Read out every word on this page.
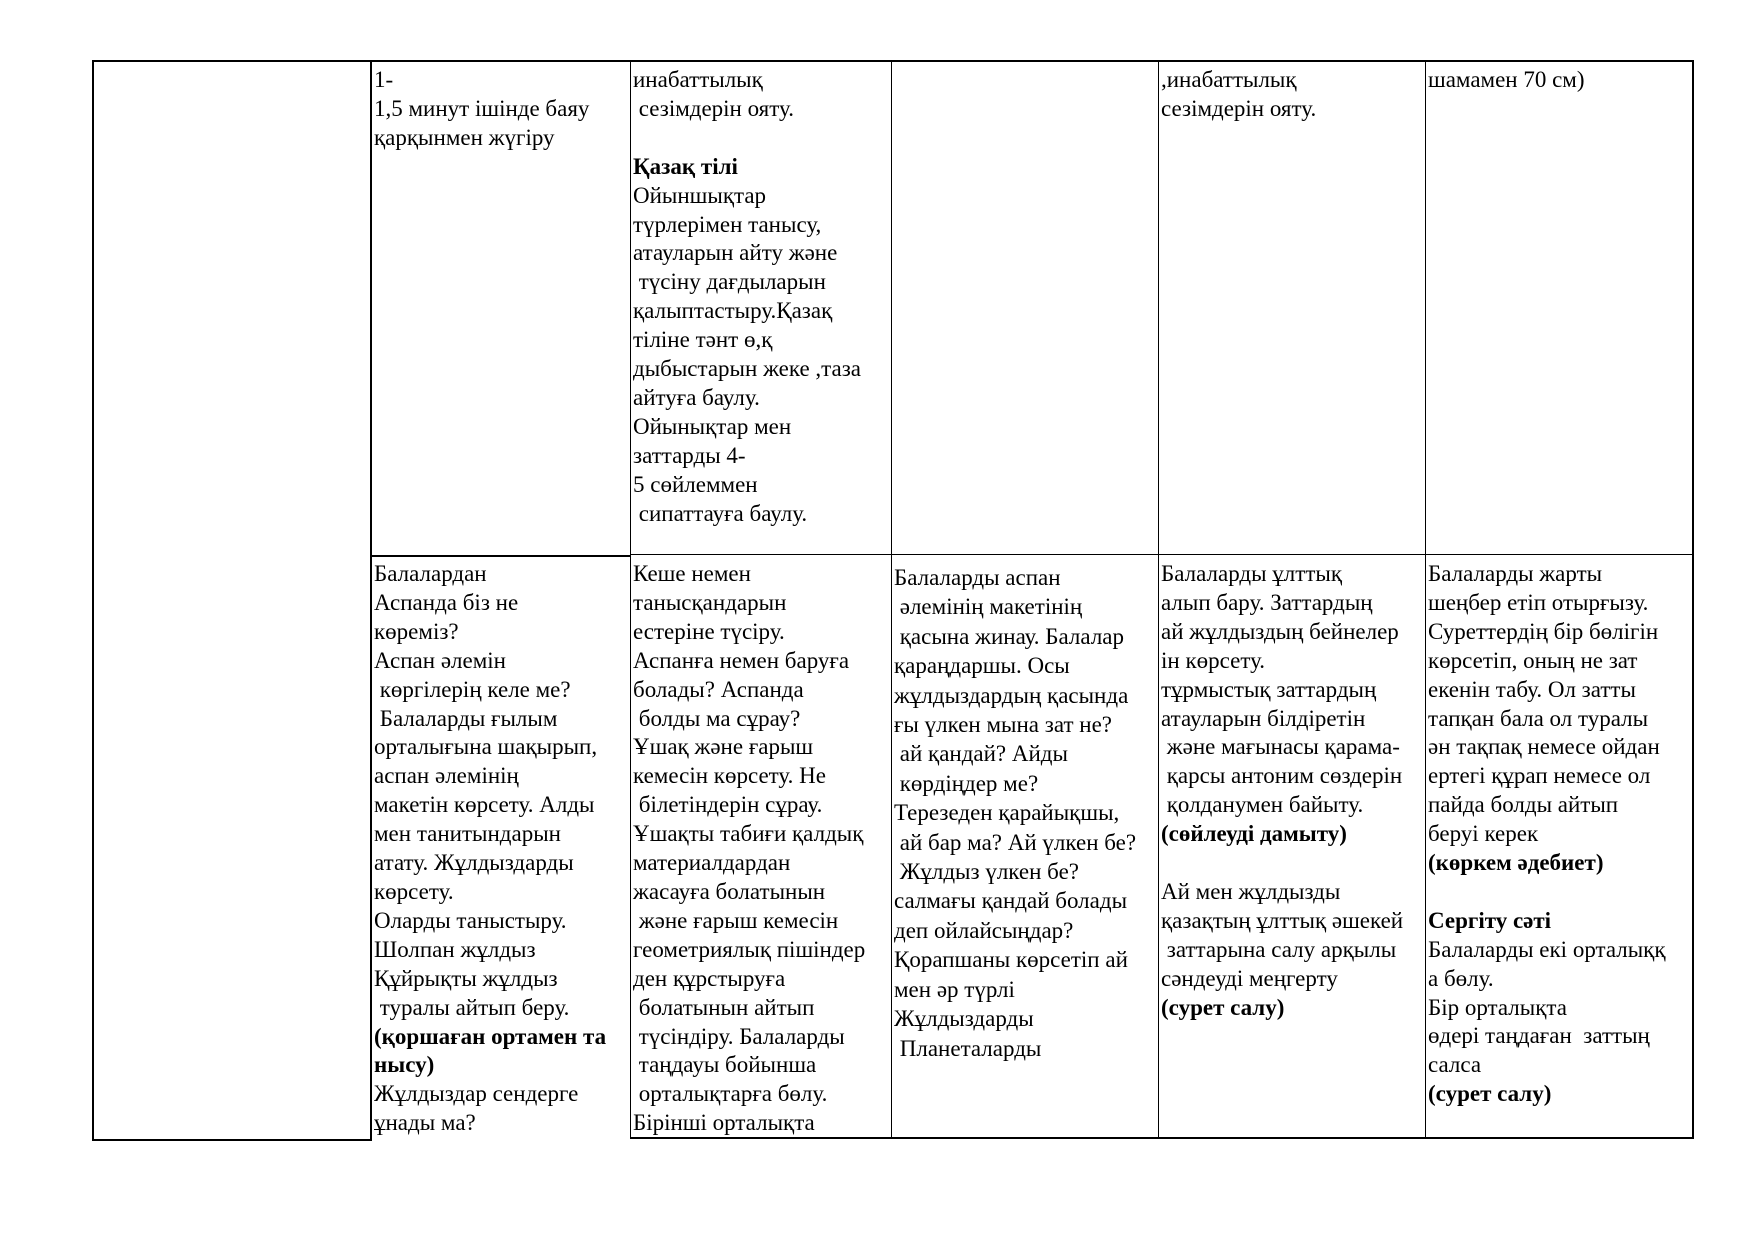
1-
1,5 минут ішінде баяу
қарқынмен жүгіру
инабаттылық
сезімдерін ояту.
Қазақ тілі
Ойыншықтар
түрлерімен танысу,
атауларын айту және
түсіну дағдыларын
қалыптастыру.Қазақ
тіліне тәнт ө,қ
дыбыстарын жеке ,таза
айтуға баулу.
Ойынықтар мен
заттарды 4-
5 сөйлеммен
сипаттауға баулу.
,инабаттылық
сезімдерін ояту.
шамамен 70 см)
Балалардан
Аспанда біз не
көреміз?
Аспан әлемін
көргілерің келе ме?
Балаларды ғылым
орталығына шақырып,
аспан әлемінің
макетін көрсету. Алды
мен танитындарын
атату. Жұлдыздарды
көрсету.
Оларды таныстыру.
Шолпан жұлдыз
Құйрықты жұлдыз
туралы айтып беру.
(қоршаған ортамен та
нысу)
Жұлдыздар сендерге
ұнады ма?
Кеше немен
танысқандарын
естеріне түсіру.
Аспанға немен баруға
болады? Аспанда
болды ма сұрау?
Ұшақ және ғарыш
кемесін көрсету. Не
білетіндерін сұрау.
Ұшақты табиғи қалдық
материалдардан
жасауға болатынын
және ғарыш кемесін
геометриялық пішіндер
ден құрстыруға
болатынын айтып
түсіндіру. Балаларды
таңдауы бойынша
орталықтарға бөлу.
Бірінші орталықта
Балаларды аспан
әлемінің макетінің
қасына жинау. Балалар
қараңдаршы. Осы
жұлдыздардың қасында
ғы үлкен мына зат не?
ай қандай? Айды
көрдіңдер ме?
Терезеден қарайықшы,
ай бар ма? Ай үлкен бе?
Жұлдыз үлкен бе?
салмағы қандай болады
деп ойлайсыңдар?
Қорапшаны көрсетіп ай
мен әр түрлі
Жұлдыздарды
Планеталарды
Балаларды ұлттық
алып бару. Заттардың
ай жұлдыздың бейнелер
ін көрсету.
тұрмыстық заттардың
атауларын білдіретін
және мағынасы қарама-
қарсы антоним сөздерін
қолданумен байыту.
(сөйлеуді дамыту)
Ай мен жұлдызды
қазақтың ұлттық әшекей
заттарына салу арқылы
сәндеуді меңгерту
(сурет салу)
Балаларды жарты
шеңбер етіп отырғызу.
Суреттердің бір бөлігін
көрсетіп, оның не зат
екенін табу. Ол затты
тапқан бала ол туралы
ән тақпақ немесе ойдан
ертегі құрап немесе ол
пайда болды айтып
беруі керек
(көркем әдебиет)
Сергіту сәті
Балаларды екі орталыққ
а бөлу.
Бір орталықта
өдері таңдаған  заттың
салса
(сурет салу)
